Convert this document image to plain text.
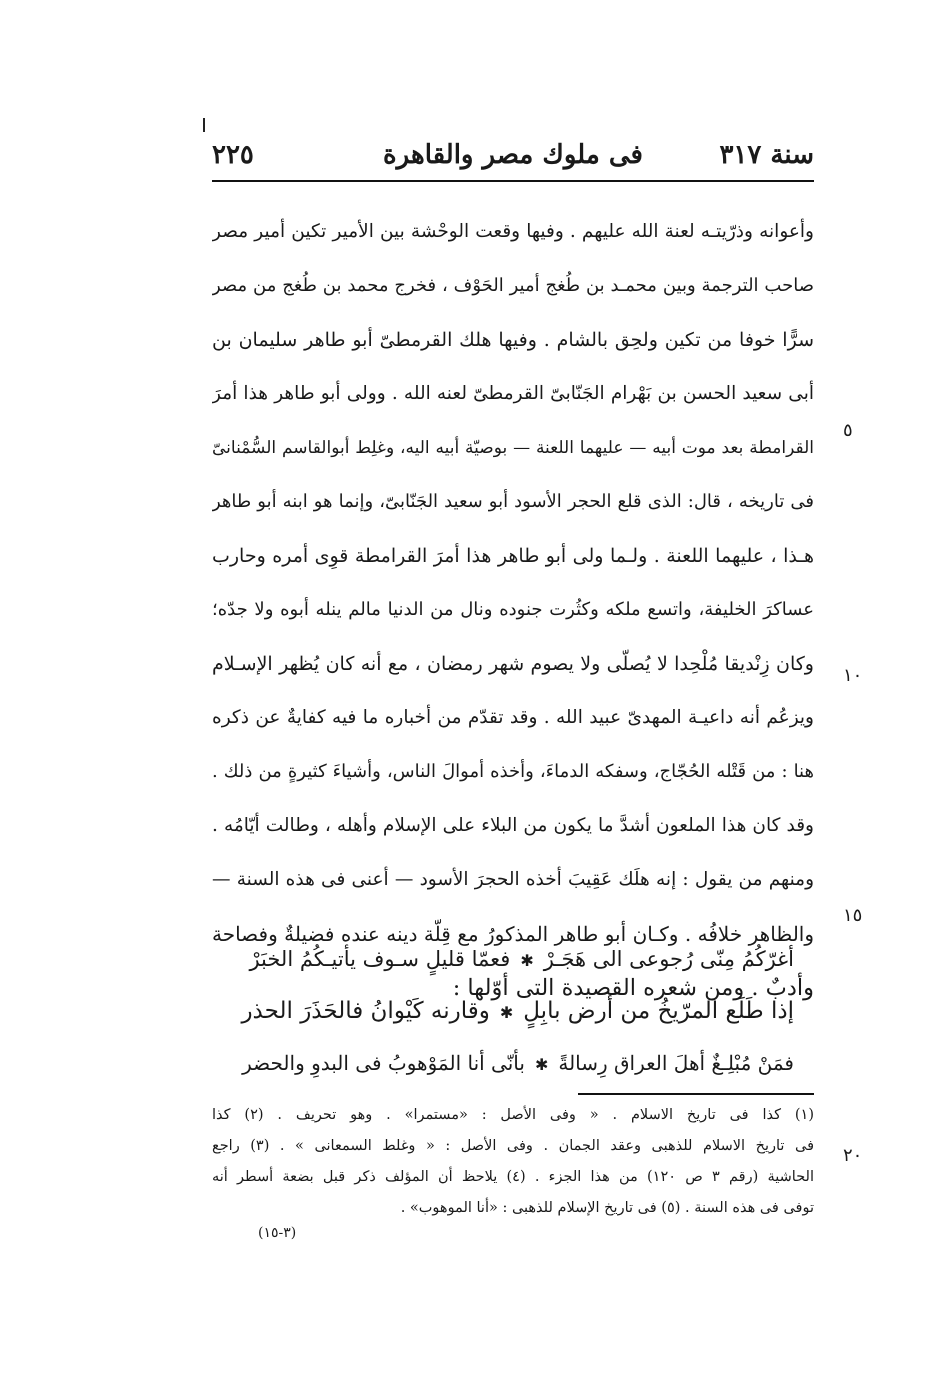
سنة ٣١٧
فى ملوك مصر والقاهرة
٢٢٥
وأعوانه وذرّيتـه لعنة الله عليهم . وفيها وقعت الوحْشة بين الأمير تكين أمير مصر
صاحب الترجمة وبين محمـد بن طُغج أمير الحَوْف ، فخرج محمد بن طُغج من مصر
سرًّا خوفا من تكين ولحِق بالشام . وفيها هلك القرمطىّ أبو طاهر سليمان بن
أبى سعيد الحسن بن بَهْرام الجَنّابىّ القرمطىّ لعنه الله . وولى أبو طاهر هذا أمرَ
القرامطة بعد موت أبيه — عليهما اللعنة — بوصيّة أبيه اليه، وغلِط أبوالقاسم السُّمْنانىّ
فى تاريخه ، قال: الذى قلع الحجر الأسود أبو سعيد الجَنّابىّ، وإنما هو ابنه أبو طاهر
هـذا ، عليهما اللعنة . ولـما ولى أبو طاهر هذا أمرَ القرامطة قوِى أمره وحارب
عساكرَ الخليفة، واتسع ملكه وكثُرت جنوده ونال من الدنيا مالم ينله أبوه ولا جدّه؛
وكان زِنْديقا مُلْحِدا لا يُصلّى ولا يصوم شهر رمضان ، مع أنه كان يُظهر الإسـلام
ويزعُم أنه داعيـة المهدىّ عبيد الله . وقد تقدّم من أخباره ما فيه كفايةٌ عن ذكره
هنا : من قَتْله الحُجّاج، وسفكه الدماءَ، وأخذه أموالَ الناس، وأشياءَ كثيرةٍ من ذلك .
وقد كان هذا الملعون أشدَّ ما يكون من البلاء على الإسلام وأهله ، وطالت أيّامُه .
ومنهم من يقول : إنه هلَك عَقِيبَ أخذه الحجرَ الأسود — أعنى فى هذه السنة —
والظاهر خلافُه . وكـان أبو طاهر المذكورُ مع قِلّة دينه عنده فضيلةٌ وفصاحة
وأدبٌ . ومن شعره القصيدة التى أوّلها :
٥
١٠
١٥
٢٠
أغرّكُمُ مِنّى رُجوعى الى هَجَـرْ✱فعمّا قليلٍ سـوف يأتيـكُمُ الخبَرْ
إذا طَلَع المرّيخُ من أرض بابِلٍ✱وقارنه كَيْوانُ فالحَذَرَ الحذر
فمَنْ مُبْلِـغٌ أهلَ العراق رِسالةً✱بأنّى أنا المَوْهوبُ فى البدوِ والحضر
(١) كذا فى تاريخ الاسلام . « وفى الأصل : «مستمرا» . وهو تحريف . (٢) كذا
فى تاريخ الاسلام للذهبى وعقد الجمان . وفى الأصل : « وغلط السمعانى » . (٣) راجع
الحاشية (رقم ٣ ص ١٢٠) من هذا الجزء . (٤) يلاحظ أن المؤلف ذكر قبل بضعة أسطر أنه
توفى فى هذه السنة . (٥) فى تاريخ الإسلام للذهبى : «أنا الموهوب» .
(٣-١٥)
